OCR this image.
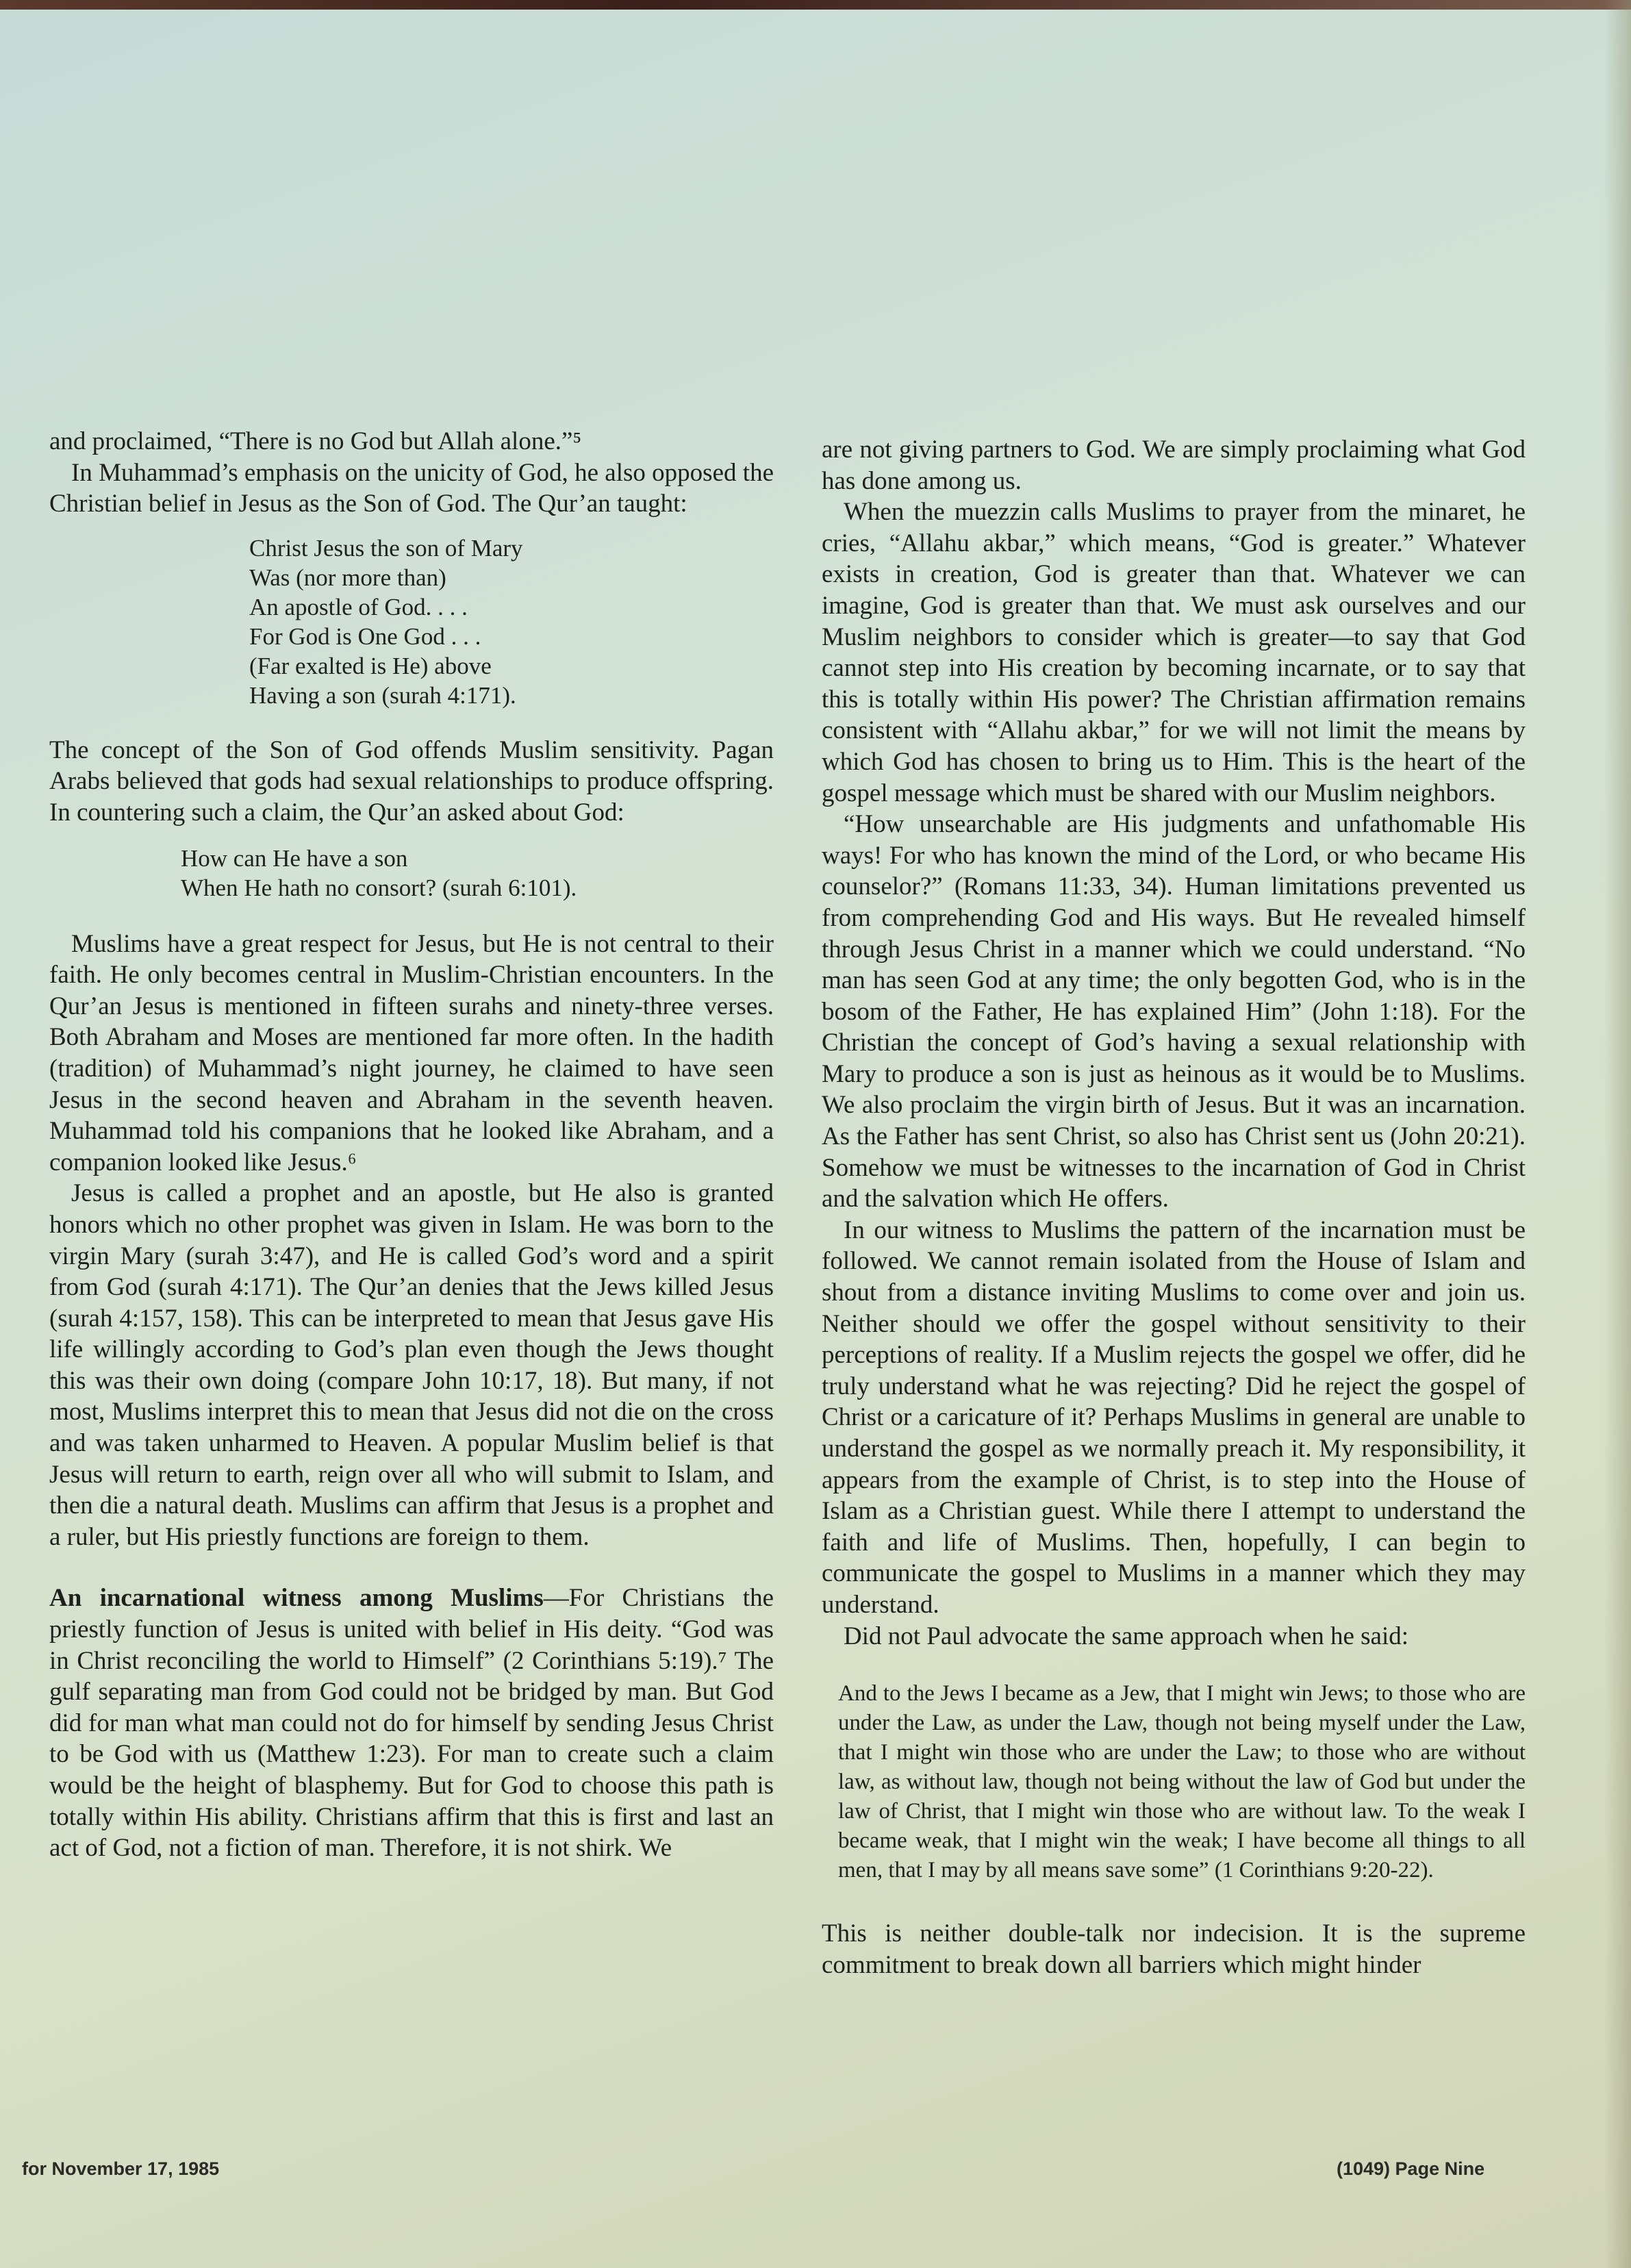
and proclaimed, “There is no God but Allah alone.”⁵

In Muhammad’s emphasis on the unicity of God, he also opposed the Christian belief in Jesus as the Son of God. The Qur’an taught:

Christ Jesus the son of Mary
Was (nor more than)
An apostle of God. . . .
For God is One God . . .
(Far exalted is He) above
Having a son (surah 4:171).

The concept of the Son of God offends Muslim sensitivity. Pagan Arabs believed that gods had sexual relationships to produce offspring. In countering such a claim, the Qur’an asked about God:

How can He have a son
When He hath no consort? (surah 6:101).

Muslims have a great respect for Jesus, but He is not central to their faith. He only becomes central in Muslim-Christian encounters. In the Qur’an Jesus is mentioned in fifteen surahs and ninety-three verses. Both Abraham and Moses are mentioned far more often. In the hadith (tradition) of Muhammad’s night journey, he claimed to have seen Jesus in the second heaven and Abraham in the seventh heaven. Muhammad told his companions that he looked like Abraham, and a companion looked like Jesus.⁶

Jesus is called a prophet and an apostle, but He also is granted honors which no other prophet was given in Islam. He was born to the virgin Mary (surah 3:47), and He is called God’s word and a spirit from God (surah 4:171). The Qur’an denies that the Jews killed Jesus (surah 4:157, 158). This can be interpreted to mean that Jesus gave His life willingly according to God’s plan even though the Jews thought this was their own doing (compare John 10:17, 18). But many, if not most, Muslims interpret this to mean that Jesus did not die on the cross and was taken unharmed to Heaven. A popular Muslim belief is that Jesus will return to earth, reign over all who will submit to Islam, and then die a natural death. Muslims can affirm that Jesus is a prophet and a ruler, but His priestly functions are foreign to them.

An incarnational witness among Muslims—For Christians the priestly function of Jesus is united with belief in His deity. “God was in Christ reconciling the world to Himself” (2 Corinthians 5:19).⁷ The gulf separating man from God could not be bridged by man. But God did for man what man could not do for himself by sending Jesus Christ to be God with us (Matthew 1:23). For man to create such a claim would be the height of blasphemy. But for God to choose this path is totally within His ability. Christians affirm that this is first and last an act of God, not a fiction of man. Therefore, it is not shirk. We

are not giving partners to God. We are simply proclaiming what God has done among us.

When the muezzin calls Muslims to prayer from the minaret, he cries, “Allahu akbar,” which means, “God is greater.” Whatever exists in creation, God is greater than that. Whatever we can imagine, God is greater than that. We must ask ourselves and our Muslim neighbors to consider which is greater—to say that God cannot step into His creation by becoming incarnate, or to say that this is totally within His power? The Christian affirmation remains consistent with “Allahu akbar,” for we will not limit the means by which God has chosen to bring us to Him. This is the heart of the gospel message which must be shared with our Muslim neighbors.

“How unsearchable are His judgments and unfathomable His ways! For who has known the mind of the Lord, or who became His counselor?” (Romans 11:33, 34). Human limitations prevented us from comprehending God and His ways. But He revealed himself through Jesus Christ in a manner which we could understand. “No man has seen God at any time; the only begotten God, who is in the bosom of the Father, He has explained Him” (John 1:18). For the Christian the concept of God’s having a sexual relationship with Mary to produce a son is just as heinous as it would be to Muslims. We also proclaim the virgin birth of Jesus. But it was an incarnation. As the Father has sent Christ, so also has Christ sent us (John 20:21). Somehow we must be witnesses to the incarnation of God in Christ and the salvation which He offers.

In our witness to Muslims the pattern of the incarnation must be followed. We cannot remain isolated from the House of Islam and shout from a distance inviting Muslims to come over and join us. Neither should we offer the gospel without sensitivity to their perceptions of reality. If a Muslim rejects the gospel we offer, did he truly understand what he was rejecting? Did he reject the gospel of Christ or a caricature of it? Perhaps Muslims in general are unable to understand the gospel as we normally preach it. My responsibility, it appears from the example of Christ, is to step into the House of Islam as a Christian guest. While there I attempt to understand the faith and life of Muslims. Then, hopefully, I can begin to communicate the gospel to Muslims in a manner which they may understand.

Did not Paul advocate the same approach when he said:

And to the Jews I became as a Jew, that I might win Jews; to those who are under the Law, as under the Law, though not being myself under the Law, that I might win those who are under the Law; to those who are without law, as without law, though not being without the law of God but under the law of Christ, that I might win those who are without law. To the weak I became weak, that I might win the weak; I have become all things to all men, that I may by all means save some” (1 Corinthians 9:20-22).

This is neither double-talk nor indecision. It is the supreme commitment to break down all barriers which might hinder

for November 17, 1985	(1049) Page Nine
